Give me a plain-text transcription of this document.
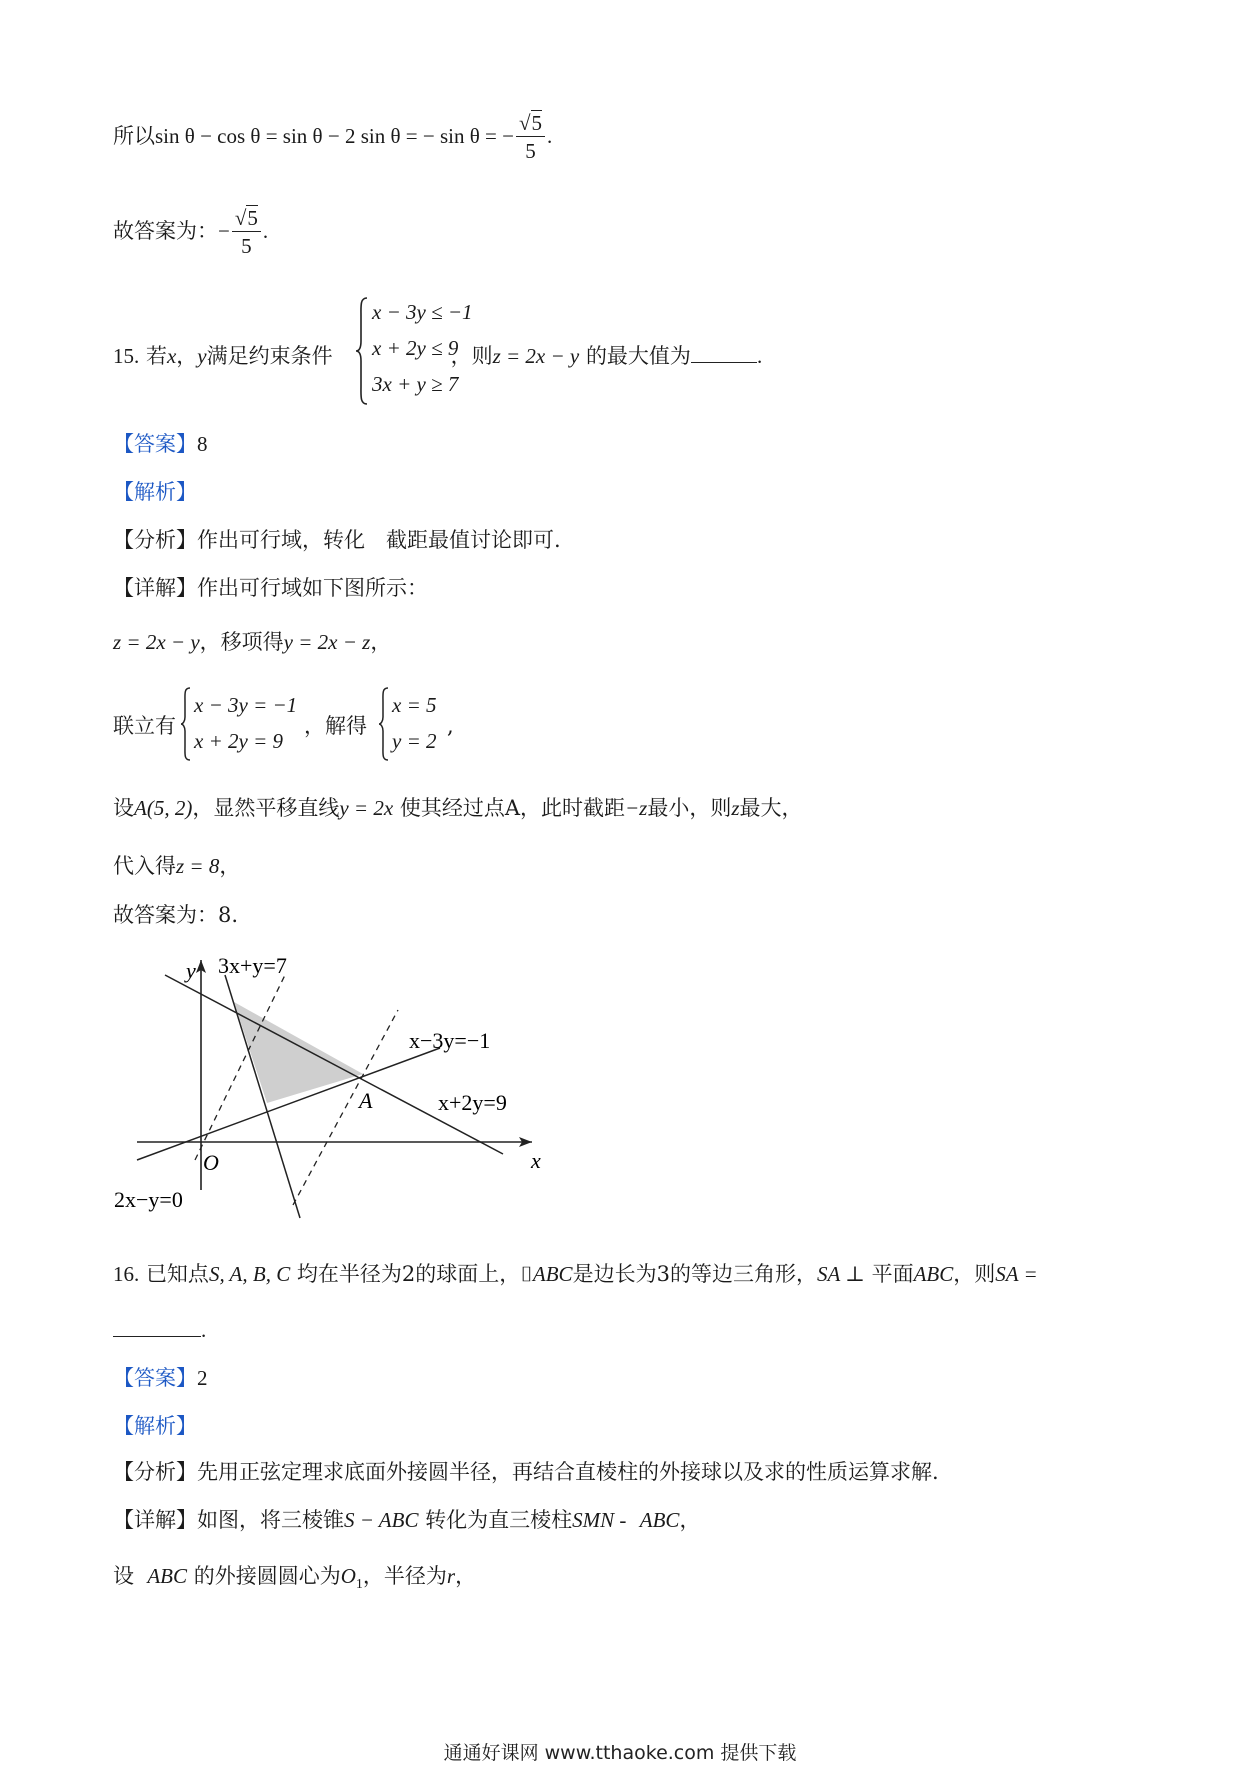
所以sin θ − cos θ = sin θ − 2 sin θ = − sin θ = − $\frac{√5}{5}$ .
故答案为：− $\frac{√5}{5}$ .
15. 若x，y满足约束条件	，则z = 2x − y 的最大值为	.
x − 3y ≤ −1
x + 2y ≤ 9
3x + y ≥ 7
【答案】8
【解析】
【分析】作出可行域，转化　截距最值讨论即可.
【详解】作出可行域如下图所示：
z = 2x − y，移项得y = 2x − z，
联立有	，解得	,
x − 3y = −1
x + 2y = 9
x = 5
y = 2
设A(5, 2)，显然平移直线y = 2x 使其经过点A，此时截距−z最小，则z最大，
代入得z = 8，
故答案为：8.
y
x
O
A
3x+y=7
x−3y=−1
x+2y=9
2x−y=0
16. 已知点S, A, B, C 均在半径为2的球面上，⌷ABC是边长为3的等边三角形，SA ⊥ 平面ABC，则SA =
.
【答案】2
【解析】
【分析】先用正弦定理求底面外接圆半径，再结合直棱柱的外接球以及求的性质运算求解.
【详解】如图，将三棱锥S − ABC 转化为直三棱柱SMN - ABC，
设 ABC 的外接圆圆心为$O_1$，半径为r，
通通好课网 www.tthaoke.com 提供下载
